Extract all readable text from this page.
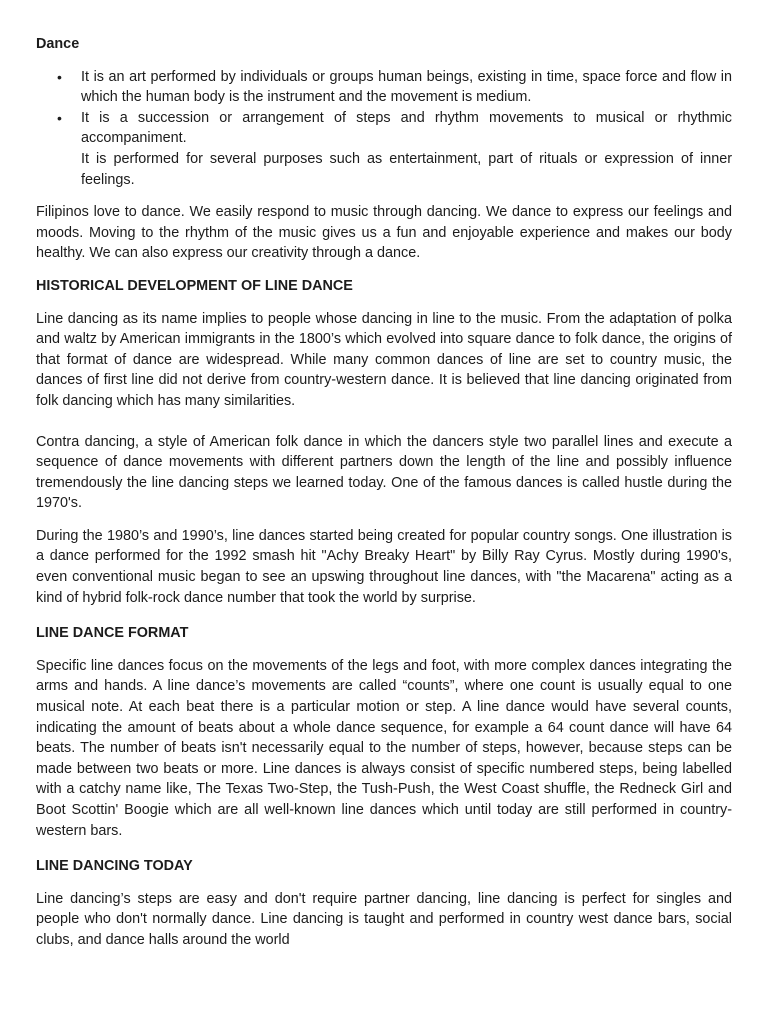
Dance
• It is an art performed by individuals or groups human beings, existing in time, space force and flow in which the human body is the instrument and the movement is medium.
• It is a succession or arrangement of steps and rhythm movements to musical or rhythmic accompaniment.
It is performed for several purposes such as entertainment, part of rituals or expression of inner feelings.

Filipinos love to dance. We easily respond to music through dancing. We dance to express our feelings and moods. Moving to the rhythm of the music gives us a fun and enjoyable experience and makes our body healthy. We can also express our creativity through a dance.

HISTORICAL DEVELOPMENT OF LINE DANCE

Line dancing as its name implies to people whose dancing in line to the music. From the adaptation of polka and waltz by American immigrants in the 1800’s which evolved into square dance to folk dance, the origins of that format of dance are widespread. While many common dances of line are set to country music, the dances of first line did not derive from country-western dance. It is believed that line dancing originated from folk dancing which has many similarities.

Contra dancing, a style of American folk dance in which the dancers style two parallel lines and execute a sequence of dance movements with different partners down the length of the line and possibly influence tremendously the line dancing steps we learned today. One of the famous dances is called hustle during the 1970's.

During the 1980’s and 1990’s, line dances started being created for popular country songs. One illustration is a dance performed for the 1992 smash hit "Achy Breaky Heart" by Billy Ray Cyrus. Mostly during 1990's, even conventional music began to see an upswing throughout line dances, with "the Macarena" acting as a kind of hybrid folk-rock dance number that took the world by surprise.

LINE DANCE FORMAT

Specific line dances focus on the movements of the legs and foot, with more complex dances integrating the arms and hands. A line dance’s movements are called “counts”, where one count is usually equal to one musical note. At each beat there is a particular motion or step. A line dance would have several counts, indicating the amount of beats about a whole dance sequence, for example a 64 count dance will have 64 beats. The number of beats isn't necessarily equal to the number of steps, however, because steps can be made between two beats or more. Line dances is always consist of specific numbered steps, being labelled with a catchy name like, The Texas Two-Step, the Tush-Push, the West Coast shuffle, the Redneck Girl and Boot Scottin' Boogie which are all well-known line dances which until today are still performed in country-western bars.

LINE DANCING TODAY

Line dancing’s steps are easy and don't require partner dancing, line dancing is perfect for singles and people who don't normally dance. Line dancing is taught and performed in country west dance bars, social clubs, and dance halls around the world
